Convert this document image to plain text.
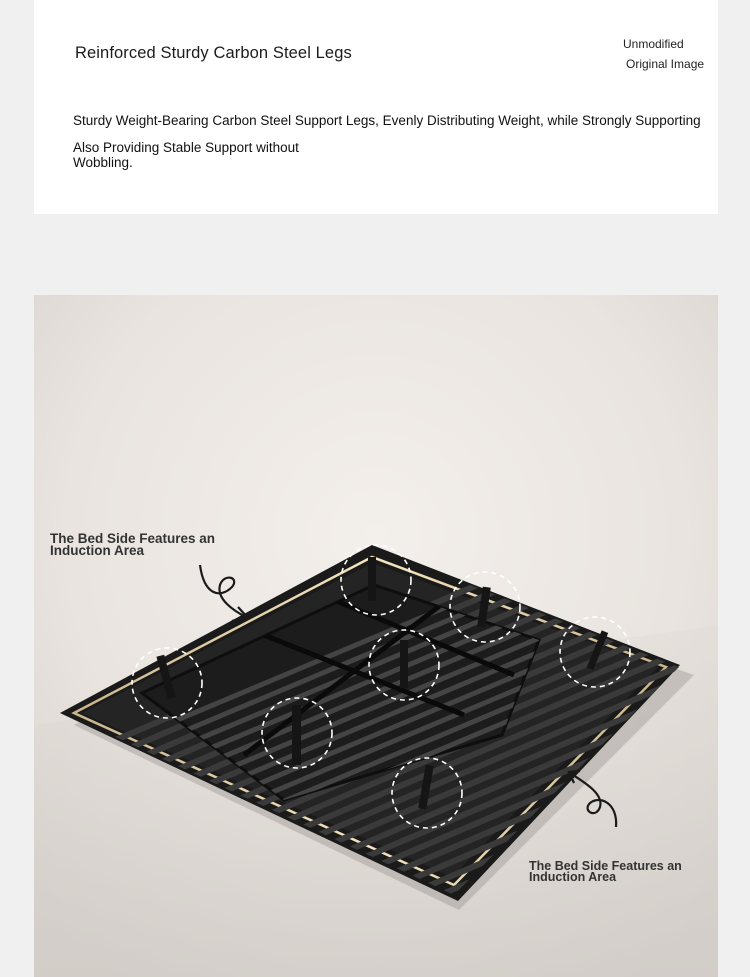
Reinforced Sturdy Carbon Steel Legs	Unmodified
Original Image
Sturdy Weight-Bearing Carbon Steel Support Legs, Evenly Distributing Weight, while Strongly Supporting
Also Providing Stable Support without Wobbling.
The Bed Side Features an Induction Area
The Bed Side Features an Induction Area
